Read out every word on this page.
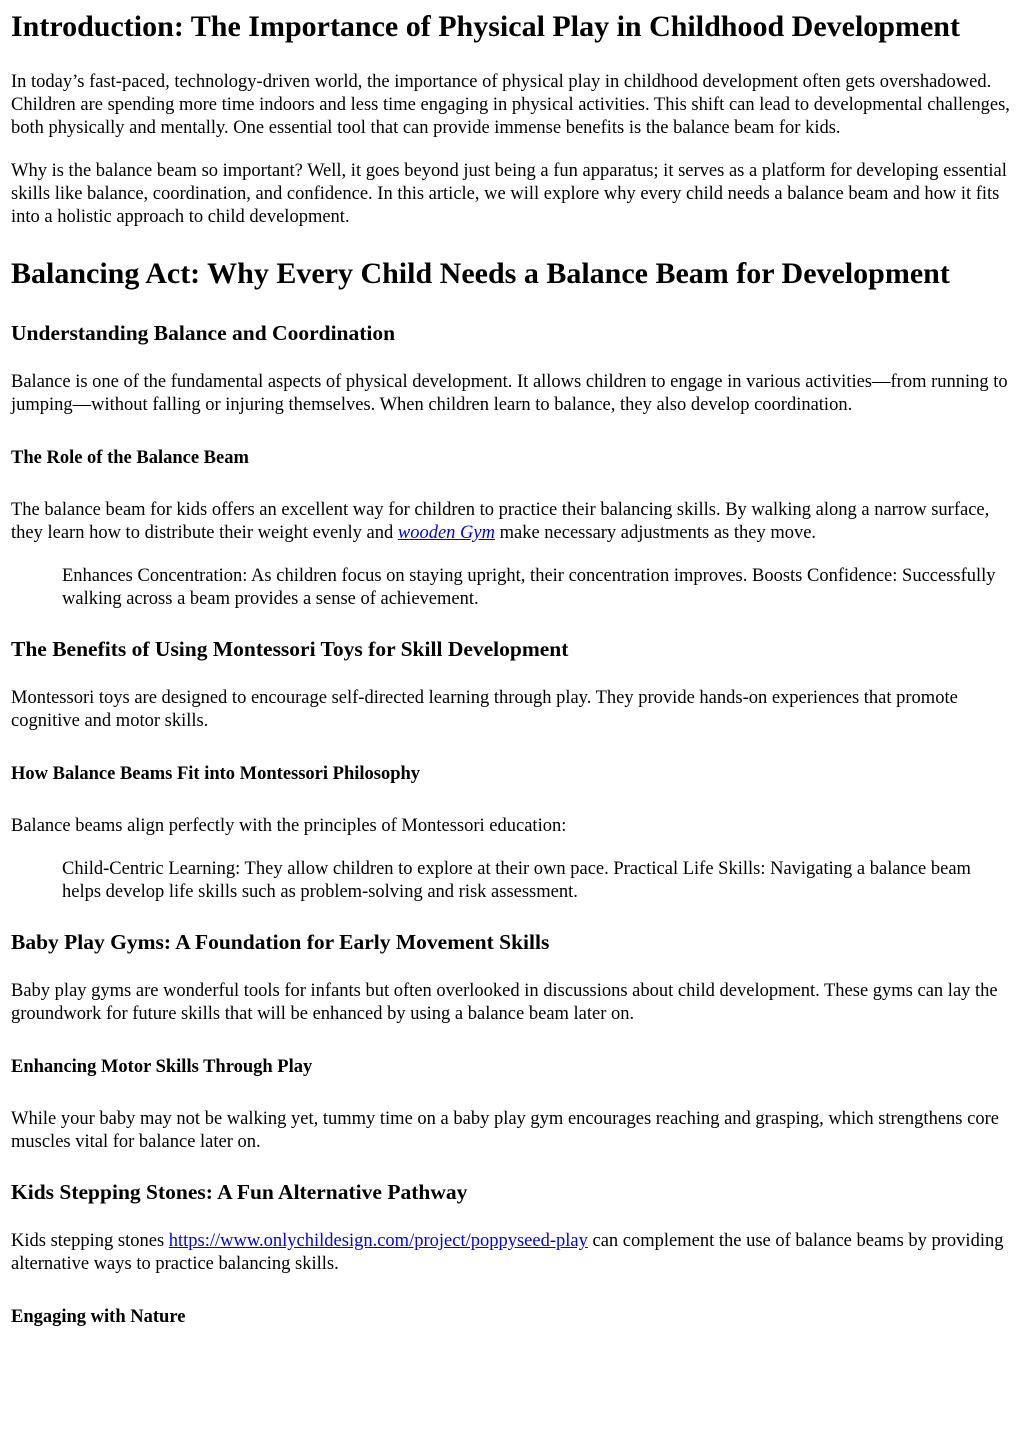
Introduction: The Importance of Physical Play in Childhood Development

In today’s fast-paced, technology-driven world, the importance of physical play in childhood development often gets overshadowed. Children are spending more time indoors and less time engaging in physical activities. This shift can lead to developmental challenges, both physically and mentally. One essential tool that can provide immense benefits is the balance beam for kids.

Why is the balance beam so important? Well, it goes beyond just being a fun apparatus; it serves as a platform for developing essential skills like balance, coordination, and confidence. In this article, we will explore why every child needs a balance beam and how it fits into a holistic approach to child development.

Balancing Act: Why Every Child Needs a Balance Beam for Development
Understanding Balance and Coordination

Balance is one of the fundamental aspects of physical development. It allows children to engage in various activities—from running to jumping—without falling or injuring themselves. When children learn to balance, they also develop coordination.

The Role of the Balance Beam

The balance beam for kids offers an excellent way for children to practice their balancing skills. By walking along a narrow surface, they learn how to distribute their weight evenly and wooden Gym make necessary adjustments as they move.

Enhances Concentration: As children focus on staying upright, their concentration improves. Boosts Confidence: Successfully walking across a beam provides a sense of achievement.
The Benefits of Using Montessori Toys for Skill Development

Montessori toys are designed to encourage self-directed learning through play. They provide hands-on experiences that promote cognitive and motor skills.

How Balance Beams Fit into Montessori Philosophy

Balance beams align perfectly with the principles of Montessori education:

Child-Centric Learning: They allow children to explore at their own pace. Practical Life Skills: Navigating a balance beam helps develop life skills such as problem-solving and risk assessment.
Baby Play Gyms: A Foundation for Early Movement Skills

Baby play gyms are wonderful tools for infants but often overlooked in discussions about child development. These gyms can lay the groundwork for future skills that will be enhanced by using a balance beam later on.

Enhancing Motor Skills Through Play

While your baby may not be walking yet, tummy time on a baby play gym encourages reaching and grasping, which strengthens core muscles vital for balance later on.

Kids Stepping Stones: A Fun Alternative Pathway

Kids stepping stones https://www.onlychildesign.com/project/poppyseed-play can complement the use of balance beams by providing alternative ways to practice balancing skills.

Engaging with Nature
